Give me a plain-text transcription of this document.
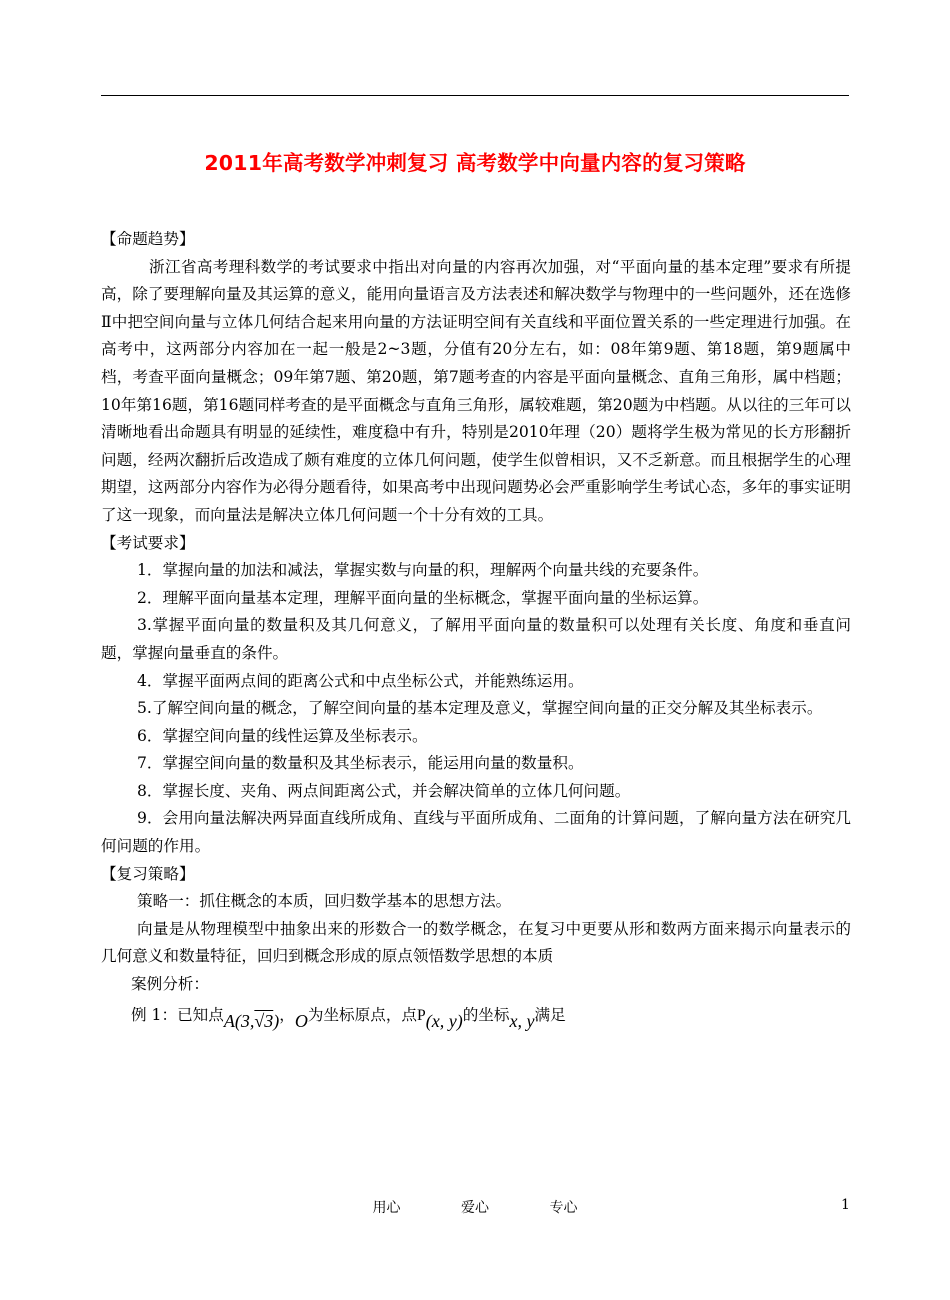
2011年高考数学冲刺复习 高考数学中向量内容的复习策略

【命题趋势】

浙江省高考理科数学的考试要求中指出对向量的内容再次加强，对“平面向量的基本定理”要求有所提高，除了要理解向量及其运算的意义，能用向量语言及方法表述和解决数学与物理中的一些问题外，还在选修Ⅱ中把空间向量与立体几何结合起来用向量的方法证明空间有关直线和平面位置关系的一些定理进行加强。在高考中，这两部分内容加在一起一般是2~3题，分值有20分左右，如：08年第9题、第18题，第9题属中档，考查平面向量概念；09年第7题、第20题，第7题考查的内容是平面向量概念、直角三角形，属中档题；10年第16题，第16题同样考查的是平面概念与直角三角形，属较难题，第20题为中档题。从以往的三年可以清晰地看出命题具有明显的延续性，难度稳中有升，特别是2010年理（20）题将学生极为常见的长方形翻折问题，经两次翻折后改造成了颇有难度的立体几何问题，使学生似曾相识，又不乏新意。而且根据学生的心理期望，这两部分内容作为必得分题看待，如果高考中出现问题势必会严重影响学生考试心态，多年的事实证明了这一现象，而向量法是解决立体几何问题一个十分有效的工具。

【考试要求】

1．掌握向量的加法和减法，掌握实数与向量的积，理解两个向量共线的充要条件。

2．理解平面向量基本定理，理解平面向量的坐标概念，掌握平面向量的坐标运算。

3.掌握平面向量的数量积及其几何意义，了解用平面向量的数量积可以处理有关长度、角度和垂直问题，掌握向量垂直的条件。

4．掌握平面两点间的距离公式和中点坐标公式，并能熟练运用。

5.了解空间向量的概念，了解空间向量的基本定理及意义，掌握空间向量的正交分解及其坐标表示。

6．掌握空间向量的线性运算及坐标表示。

7．掌握空间向量的数量积及其坐标表示，能运用向量的数量积。

8．掌握长度、夹角、两点间距离公式，并会解决简单的立体几何问题。

9．会用向量法解决两异面直线所成角、直线与平面所成角、二面角的计算问题，了解向量方法在研究几何问题的作用。

【复习策略】

策略一：抓住概念的本质，回归数学基本的思想方法。

向量是从物理模型中抽象出来的形数合一的数学概念，在复习中更要从形和数两方面来揭示向量表示的几何意义和数量特征，回归到概念形成的原点领悟数学思想的本质

案例分析：

例 1：已知点A(3,√3)，O为坐标原点，点P(x, y)的坐标x, y满足

用心	爱心	专心	1
